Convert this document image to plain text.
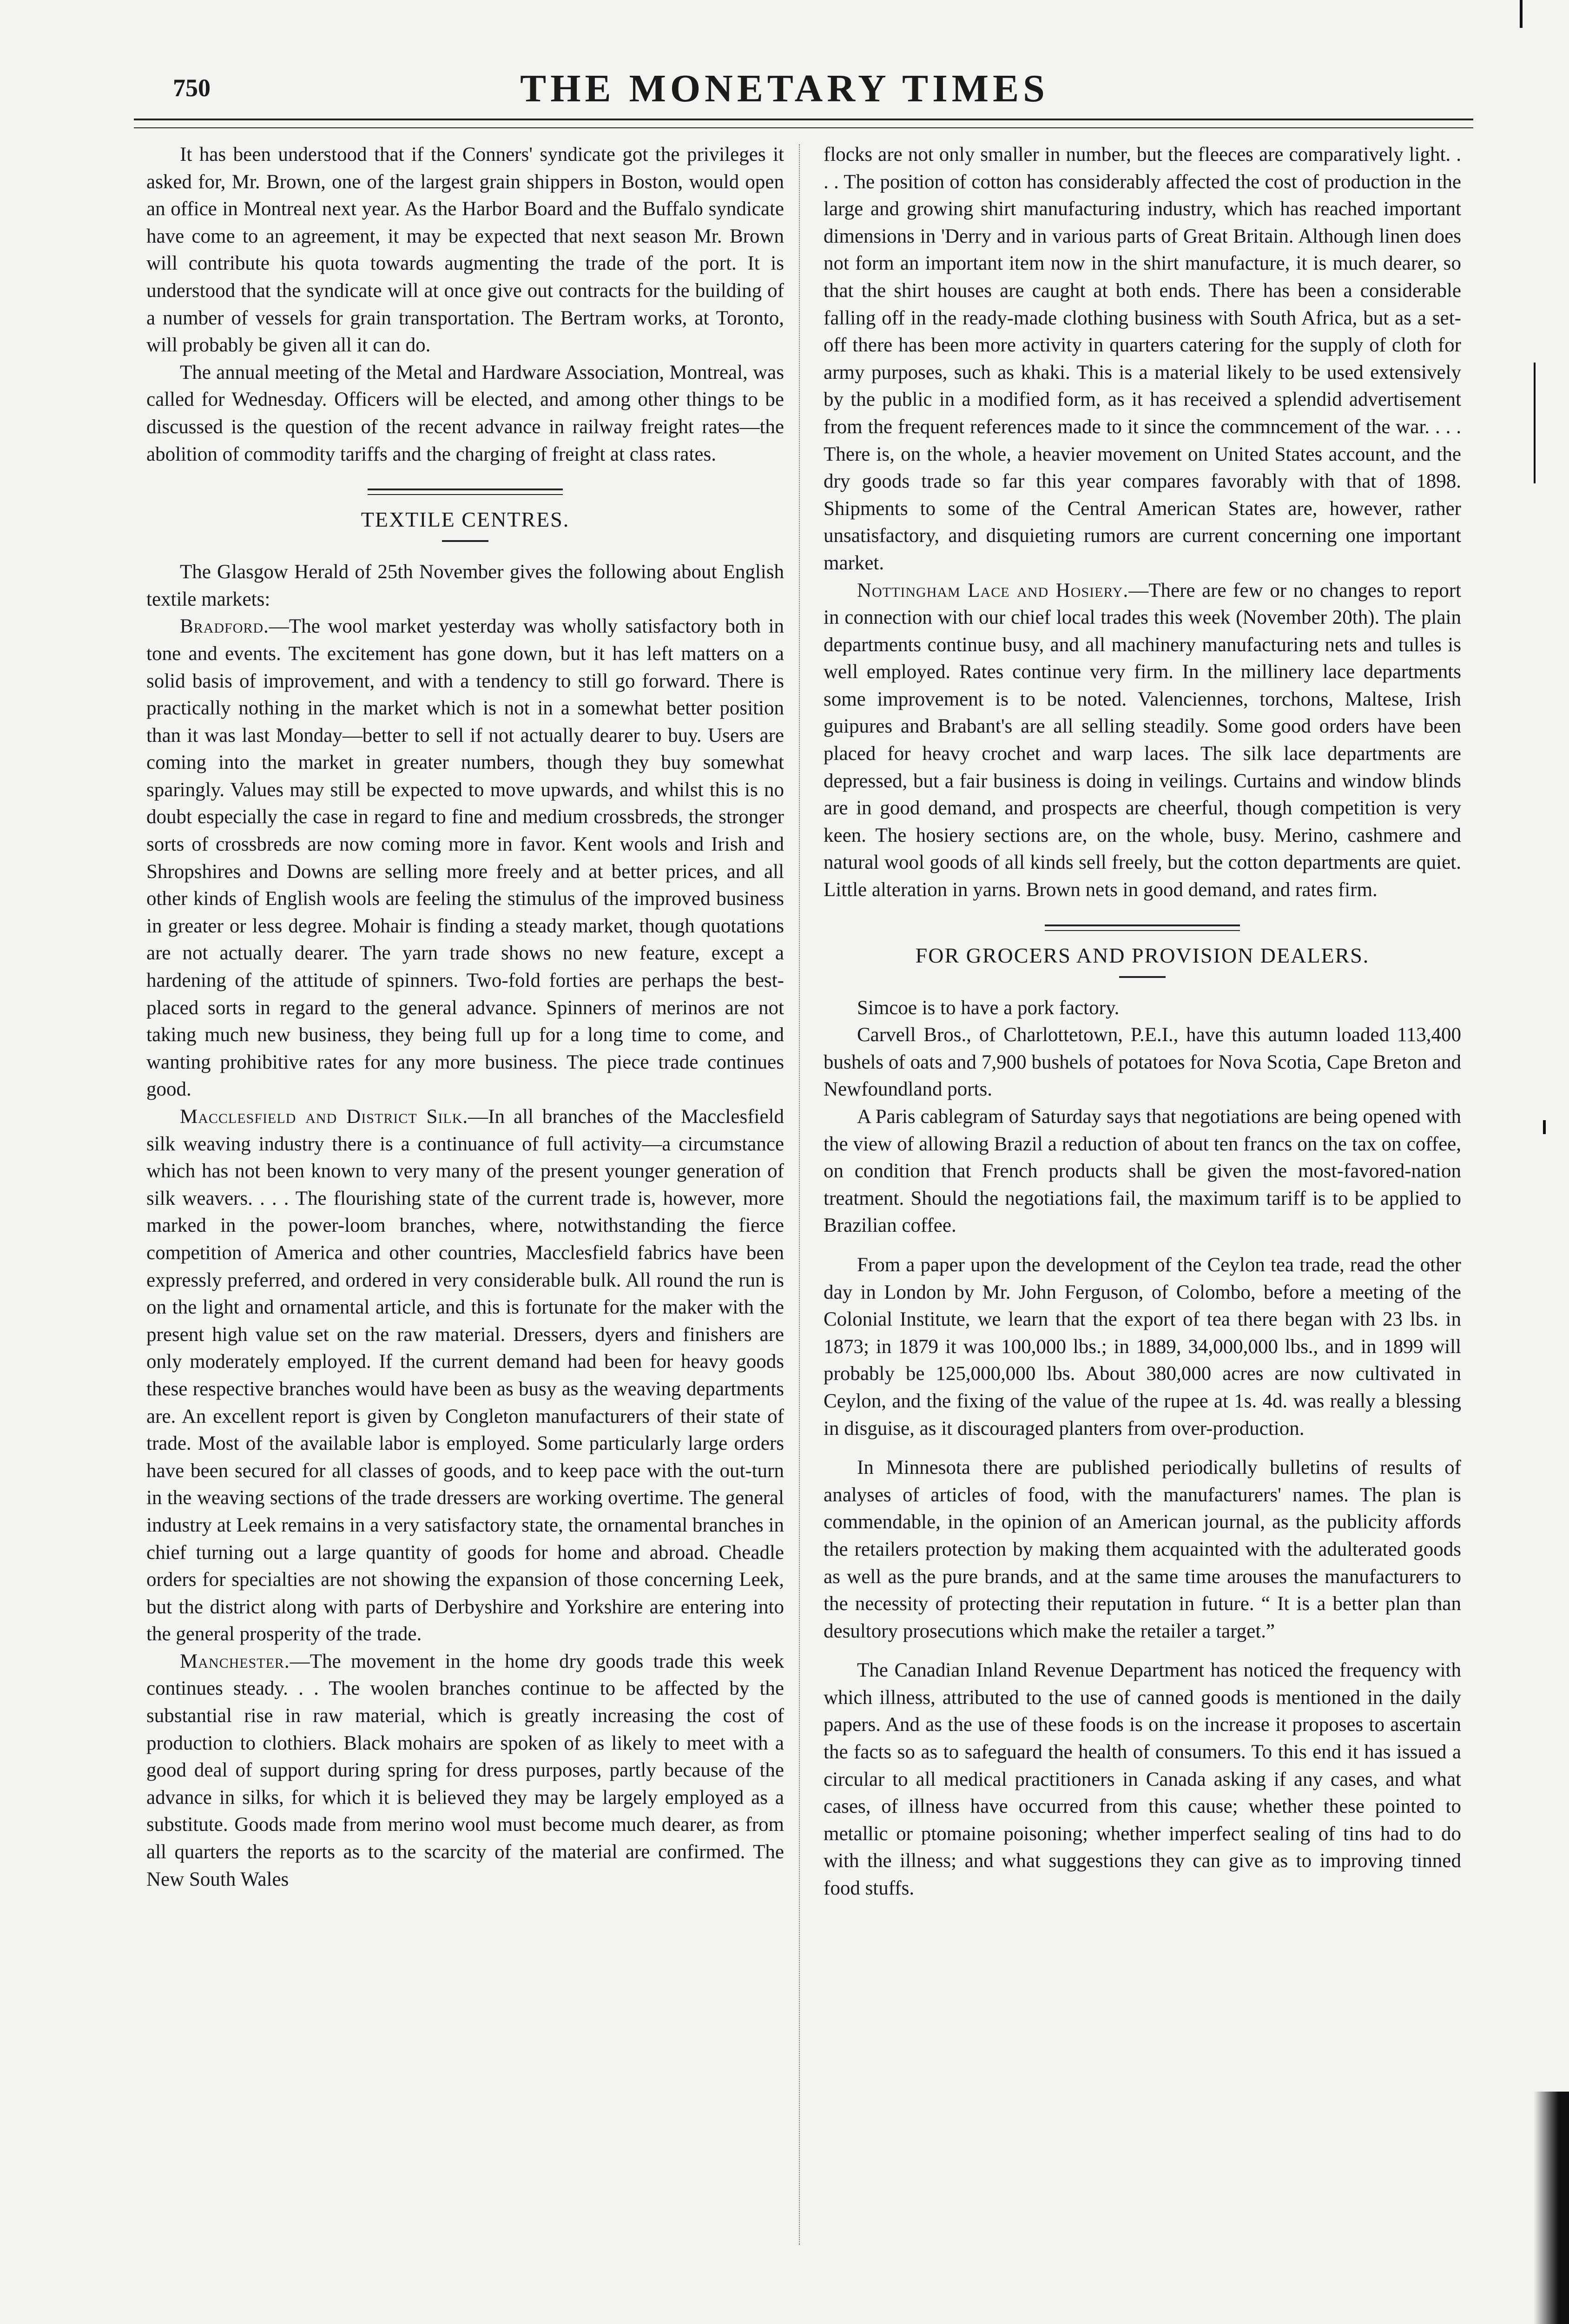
750	THE MONETARY TIMES

It has been understood that if the Conners' syndicate got the privileges it asked for, Mr. Brown, one of the largest grain shippers in Boston, would open an office in Montreal next year. As the Harbor Board and the Buffalo syndicate have come to an agreement, it may be expected that next season Mr. Brown will contribute his quota towards augmenting the trade of the port. It is understood that the syndicate will at once give out contracts for the building of a number of vessels for grain transportation. The Bertram works, at Toronto, will probably be given all it can do.

The annual meeting of the Metal and Hardware Association, Montreal, was called for Wednesday. Officers will be elected, and among other things to be discussed is the question of the recent advance in railway freight rates—the abolition of commodity tariffs and the charging of freight at class rates.

TEXTILE CENTRES.

The Glasgow Herald of 25th November gives the following about English textile markets:

Bradford.—The wool market yesterday was wholly satisfactory both in tone and events. The excitement has gone down, but it has left matters on a solid basis of improvement, and with a tendency to still go forward. There is practically nothing in the market which is not in a somewhat better position than it was last Monday—better to sell if not actually dearer to buy. Users are coming into the market in greater numbers, though they buy somewhat sparingly. Values may still be expected to move upwards, and whilst this is no doubt especially the case in regard to fine and medium crossbreds, the stronger sorts of crossbreds are now coming more in favor. Kent wools and Irish and Shropshires and Downs are selling more freely and at better prices, and all other kinds of English wools are feeling the stimulus of the improved business in greater or less degree. Mohair is finding a steady market, though quotations are not actually dearer. The yarn trade shows no new feature, except a hardening of the attitude of spinners. Two-fold forties are perhaps the best-placed sorts in regard to the general advance. Spinners of merinos are not taking much new business, they being full up for a long time to come, and wanting prohibitive rates for any more business. The piece trade continues good.

Macclesfield and District Silk.—In all branches of the Macclesfield silk weaving industry there is a continuance of full activity—a circumstance which has not been known to very many of the present younger generation of silk weavers. . . . The flourishing state of the current trade is, however, more marked in the power-loom branches, where, notwithstanding the fierce competition of America and other countries, Macclesfield fabrics have been expressly preferred, and ordered in very considerable bulk. All round the run is on the light and ornamental article, and this is fortunate for the maker with the present high value set on the raw material. Dressers, dyers and finishers are only moderately employed. If the current demand had been for heavy goods these respective branches would have been as busy as the weaving departments are. An excellent report is given by Congleton manufacturers of their state of trade. Most of the available labor is employed. Some particularly large orders have been secured for all classes of goods, and to keep pace with the out-turn in the weaving sections of the trade dressers are working overtime. The general industry at Leek remains in a very satisfactory state, the ornamental branches in chief turning out a large quantity of goods for home and abroad. Cheadle orders for specialties are not showing the expansion of those concerning Leek, but the district along with parts of Derbyshire and Yorkshire are entering into the general prosperity of the trade.

Manchester.—The movement in the home dry goods trade this week continues steady. . . The woolen branches continue to be affected by the substantial rise in raw material, which is greatly increasing the cost of production to clothiers. Black mohairs are spoken of as likely to meet with a good deal of support during spring for dress purposes, partly because of the advance in silks, for which it is believed they may be largely employed as a substitute. Goods made from merino wool must become much dearer, as from all quarters the reports as to the scarcity of the material are confirmed. The New South Wales

flocks are not only smaller in number, but the fleeces are comparatively light. . . . The position of cotton has considerably affected the cost of production in the large and growing shirt manufacturing industry, which has reached important dimensions in 'Derry and in various parts of Great Britain. Although linen does not form an important item now in the shirt manufacture, it is much dearer, so that the shirt houses are caught at both ends. There has been a considerable falling off in the ready-made clothing business with South Africa, but as a set-off there has been more activity in quarters catering for the supply of cloth for army purposes, such as khaki. This is a material likely to be used extensively by the public in a modified form, as it has received a splendid advertisement from the frequent references made to it since the commncement of the war. . . . There is, on the whole, a heavier movement on United States account, and the dry goods trade so far this year compares favorably with that of 1898. Shipments to some of the Central American States are, however, rather unsatisfactory, and disquieting rumors are current concerning one important market.

Nottingham Lace and Hosiery.—There are few or no changes to report in connection with our chief local trades this week (November 20th). The plain departments continue busy, and all machinery manufacturing nets and tulles is well employed. Rates continue very firm. In the millinery lace departments some improvement is to be noted. Valenciennes, torchons, Maltese, Irish guipures and Brabant's are all selling steadily. Some good orders have been placed for heavy crochet and warp laces. The silk lace departments are depressed, but a fair business is doing in veilings. Curtains and window blinds are in good demand, and prospects are cheerful, though competition is very keen. The hosiery sections are, on the whole, busy. Merino, cashmere and natural wool goods of all kinds sell freely, but the cotton departments are quiet. Little alteration in yarns. Brown nets in good demand, and rates firm.

FOR GROCERS AND PROVISION DEALERS.

Simcoe is to have a pork factory.

Carvell Bros., of Charlottetown, P.E.I., have this autumn loaded 113,400 bushels of oats and 7,900 bushels of potatoes for Nova Scotia, Cape Breton and Newfoundland ports.

A Paris cablegram of Saturday says that negotiations are being opened with the view of allowing Brazil a reduction of about ten francs on the tax on coffee, on condition that French products shall be given the most-favored-nation treatment. Should the negotiations fail, the maximum tariff is to be applied to Brazilian coffee.

From a paper upon the development of the Ceylon tea trade, read the other day in London by Mr. John Ferguson, of Colombo, before a meeting of the Colonial Institute, we learn that the export of tea there began with 23 lbs. in 1873; in 1879 it was 100,000 lbs.; in 1889, 34,000,000 lbs., and in 1899 will probably be 125,000,000 lbs. About 380,000 acres are now cultivated in Ceylon, and the fixing of the value of the rupee at 1s. 4d. was really a blessing in disguise, as it discouraged planters from over-production.

In Minnesota there are published periodically bulletins of results of analyses of articles of food, with the manufacturers' names. The plan is commendable, in the opinion of an American journal, as the publicity affords the retailers protection by making them acquainted with the adulterated goods as well as the pure brands, and at the same time arouses the manufacturers to the necessity of protecting their reputation in future. “ It is a better plan than desultory prosecutions which make the retailer a target.”

The Canadian Inland Revenue Department has noticed the frequency with which illness, attributed to the use of canned goods is mentioned in the daily papers. And as the use of these foods is on the increase it proposes to ascertain the facts so as to safeguard the health of consumers. To this end it has issued a circular to all medical practitioners in Canada asking if any cases, and what cases, of illness have occurred from this cause; whether these pointed to metallic or ptomaine poisoning; whether imperfect sealing of tins had to do with the illness; and what suggestions they can give as to improving tinned food stuffs.
